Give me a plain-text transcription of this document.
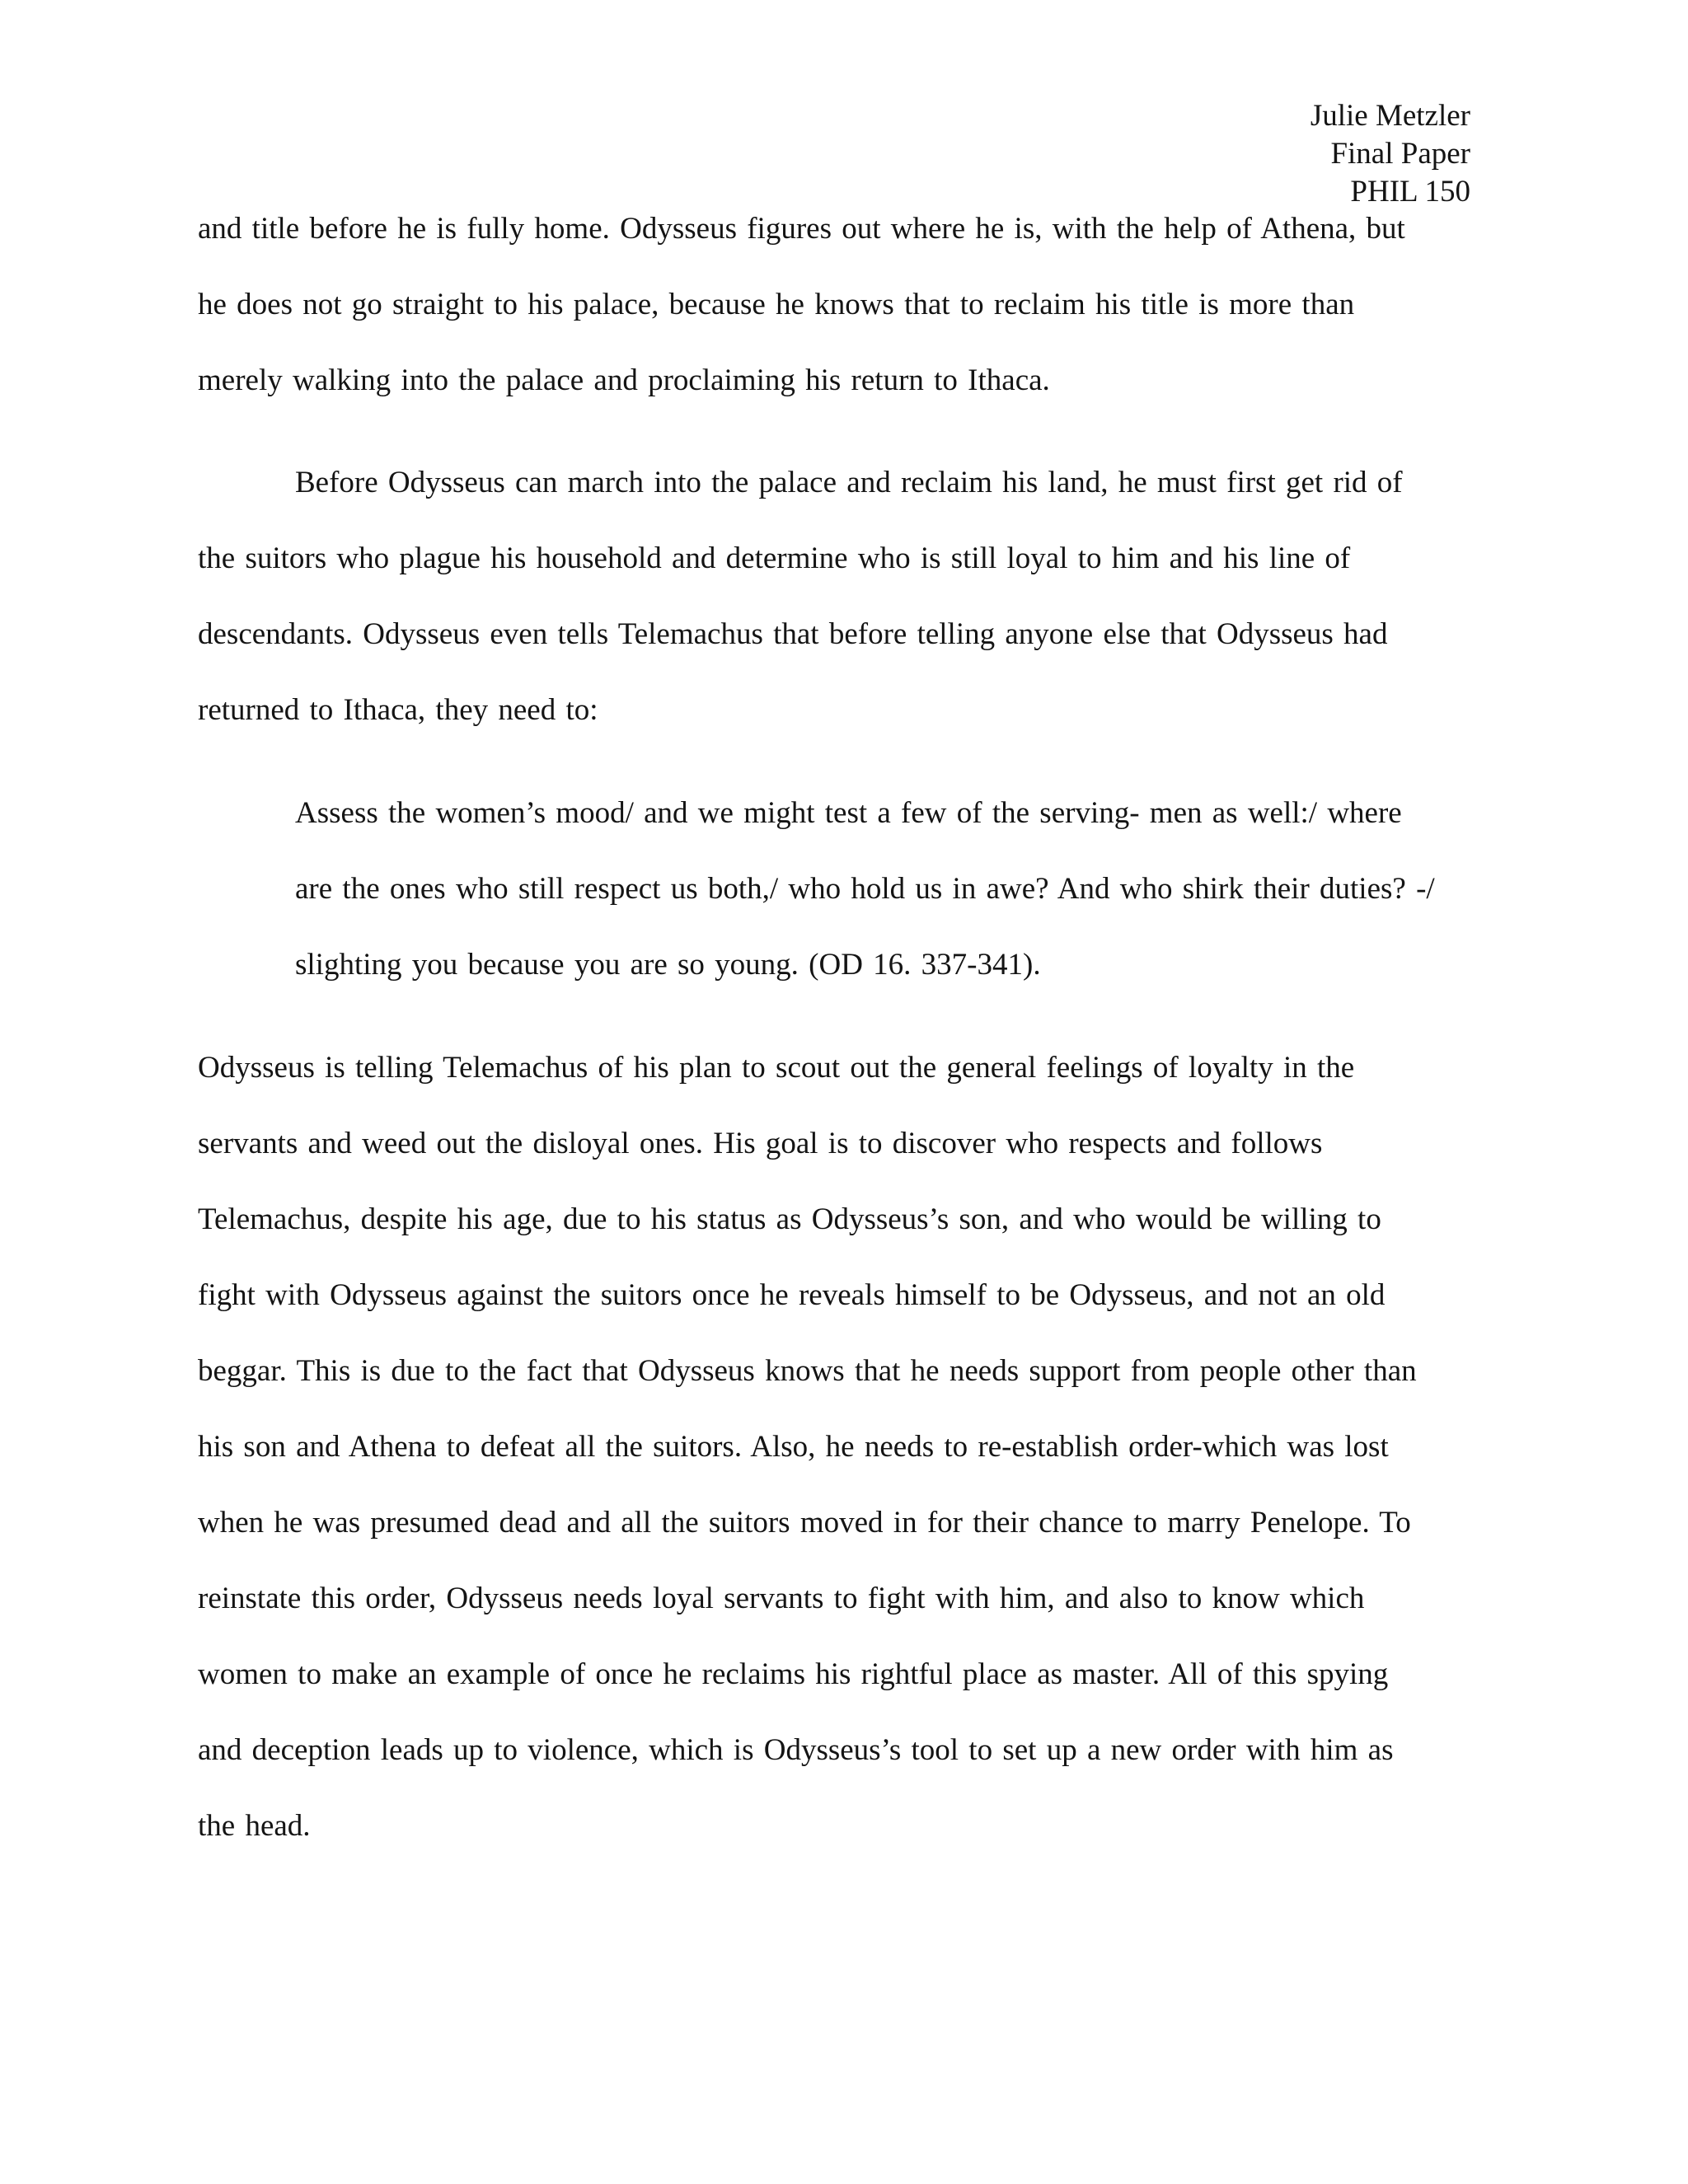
Julie Metzler
Final Paper
PHIL 150
and title before he is fully home. Odysseus figures out where he is, with the help of Athena, but
he does not go straight to his palace, because he knows that to reclaim his title is more than
merely walking into the palace and proclaiming his return to Ithaca.
Before Odysseus can march into the palace and reclaim his land, he must first get rid of
the suitors who plague his household and determine who is still loyal to him and his line of
descendants. Odysseus even tells Telemachus that before telling anyone else that Odysseus had
returned to Ithaca, they need to:
Assess the women’s mood/ and we might test a few of the serving- men as well:/ where
are the ones who still respect us both,/ who hold us in awe? And who shirk their duties? -/
slighting you because you are so young. (OD 16. 337-341).
Odysseus is telling Telemachus of his plan to scout out the general feelings of loyalty in the
servants and weed out the disloyal ones. His goal is to discover who respects and follows
Telemachus, despite his age, due to his status as Odysseus’s son, and who would be willing to
fight with Odysseus against the suitors once he reveals himself to be Odysseus, and not an old
beggar. This is due to the fact that Odysseus knows that he needs support from people other than
his son and Athena to defeat all the suitors. Also, he needs to re-establish order-which was lost
when he was presumed dead and all the suitors moved in for their chance to marry Penelope. To
reinstate this order, Odysseus needs loyal servants to fight with him, and also to know which
women to make an example of once he reclaims his rightful place as master. All of this spying
and deception leads up to violence, which is Odysseus’s tool to set up a new order with him as
the head.
